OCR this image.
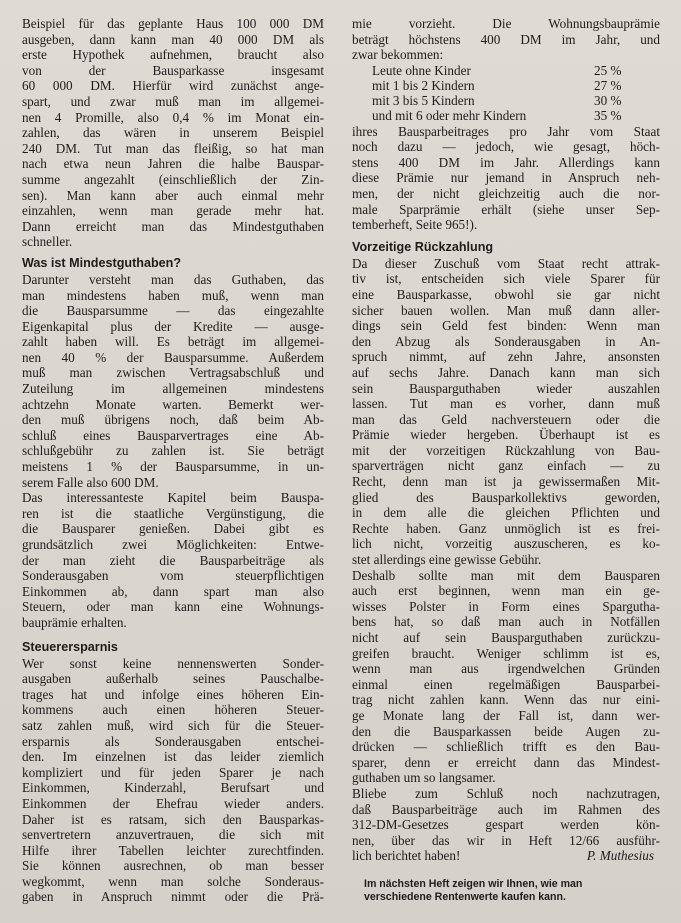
Beispiel für das geplante Haus 100 000 DM
ausgeben, dann kann man 40 000 DM als
erste Hypothek aufnehmen, braucht also
von der Bausparkasse insgesamt
60 000 DM. Hierfür wird zunächst ange-
spart, und zwar muß man im allgemei-
nen 4 Promille, also 0,4 % im Monat ein-
zahlen, das wären in unserem Beispiel
240 DM. Tut man das fleißig, so hat man
nach etwa neun Jahren die halbe Bauspar-
summe angezahlt (einschließlich der Zin-
sen). Man kann aber auch einmal mehr
einzahlen, wenn man gerade mehr hat.
Dann erreicht man das Mindestguthaben
schneller.
Was ist Mindestguthaben?
Darunter versteht man das Guthaben, das
man mindestens haben muß, wenn man
die Bausparsumme — das eingezahlte
Eigenkapital plus der Kredite — ausge-
zahlt haben will. Es beträgt im allgemei-
nen 40 % der Bausparsumme. Außerdem
muß man zwischen Vertragsabschluß und
Zuteilung im allgemeinen mindestens
achtzehn Monate warten. Bemerkt wer-
den muß übrigens noch, daß beim Ab-
schluß eines Bausparvertrages eine Ab-
schlußgebühr zu zahlen ist. Sie beträgt
meistens 1 % der Bausparsumme, in un-
serem Falle also 600 DM.
Das interessanteste Kapitel beim Bauspa-
ren ist die staatliche Vergünstigung, die
die Bausparer genießen. Dabei gibt es
grundsätzlich zwei Möglichkeiten: Entwe-
der man zieht die Bausparbeiträge als
Sonderausgaben vom steuerpflichtigen
Einkommen ab, dann spart man also
Steuern, oder man kann eine Wohnungs-
bauprämie erhalten.
Steuerersparnis
Wer sonst keine nennenswerten Sonder-
ausgaben außerhalb seines Pauschalbe-
trages hat und infolge eines höheren Ein-
kommens auch einen höheren Steuer-
satz zahlen muß, wird sich für die Steuer-
ersparnis als Sonderausgaben entschei-
den. Im einzelnen ist das leider ziemlich
kompliziert und für jeden Sparer je nach
Einkommen, Kinderzahl, Berufsart und
Einkommen der Ehefrau wieder anders.
Daher ist es ratsam, sich den Bausparkas-
senvertretern anzuvertrauen, die sich mit
Hilfe ihrer Tabellen leichter zurechtfinden.
Sie können ausrechnen, ob man besser
wegkommt, wenn man solche Sonderaus-
gaben in Anspruch nimmt oder die Prä-
mie vorzieht. Die Wohnungsbauprämie
beträgt höchstens 400 DM im Jahr, und
zwar bekommen:
Leute ohne Kinder	25 %
mit 1 bis 2 Kindern	27 %
mit 3 bis 5 Kindern	30 %
und mit 6 oder mehr Kindern	35 %
ihres Bausparbeitrages pro Jahr vom Staat
noch dazu — jedoch, wie gesagt, höch-
stens 400 DM im Jahr. Allerdings kann
diese Prämie nur jemand in Anspruch neh-
men, der nicht gleichzeitig auch die nor-
male Sparprämie erhält (siehe unser Sep-
temberheft, Seite 965!).
Vorzeitige Rückzahlung
Da dieser Zuschuß vom Staat recht attrak-
tiv ist, entscheiden sich viele Sparer für
eine Bausparkasse, obwohl sie gar nicht
sicher bauen wollen. Man muß dann aller-
dings sein Geld fest binden: Wenn man
den Abzug als Sonderausgaben in An-
spruch nimmt, auf zehn Jahre, ansonsten
auf sechs Jahre. Danach kann man sich
sein Bausparguthaben wieder auszahlen
lassen. Tut man es vorher, dann muß
man das Geld nachversteuern oder die
Prämie wieder hergeben. Überhaupt ist es
mit der vorzeitigen Rückzahlung von Bau-
sparverträgen nicht ganz einfach — zu
Recht, denn man ist ja gewissermaßen Mit-
glied des Bausparkollektivs geworden,
in dem alle die gleichen Pflichten und
Rechte haben. Ganz unmöglich ist es frei-
lich nicht, vorzeitig auszuscheren, es ko-
stet allerdings eine gewisse Gebühr.
Deshalb sollte man mit dem Bausparen
auch erst beginnen, wenn man ein ge-
wisses Polster in Form eines Spargutha-
bens hat, so daß man auch in Notfällen
nicht auf sein Bausparguthaben zurückzu-
greifen braucht. Weniger schlimm ist es,
wenn man aus irgendwelchen Gründen
einmal einen regelmäßigen Bausparbei-
trag nicht zahlen kann. Wenn das nur eini-
ge Monate lang der Fall ist, dann wer-
den die Bausparkassen beide Augen zu-
drücken — schließlich trifft es den Bau-
sparer, denn er erreicht dann das Mindest-
guthaben um so langsamer.
Bliebe zum Schluß noch nachzutragen,
daß Bausparbeiträge auch im Rahmen des
312-DM-Gesetzes gespart werden kön-
nen, über das wir in Heft 12/66 ausführ-
lich berichtet haben!	P. Muthesius
Im nächsten Heft zeigen wir Ihnen, wie man
verschiedene Rentenwerte kaufen kann.
